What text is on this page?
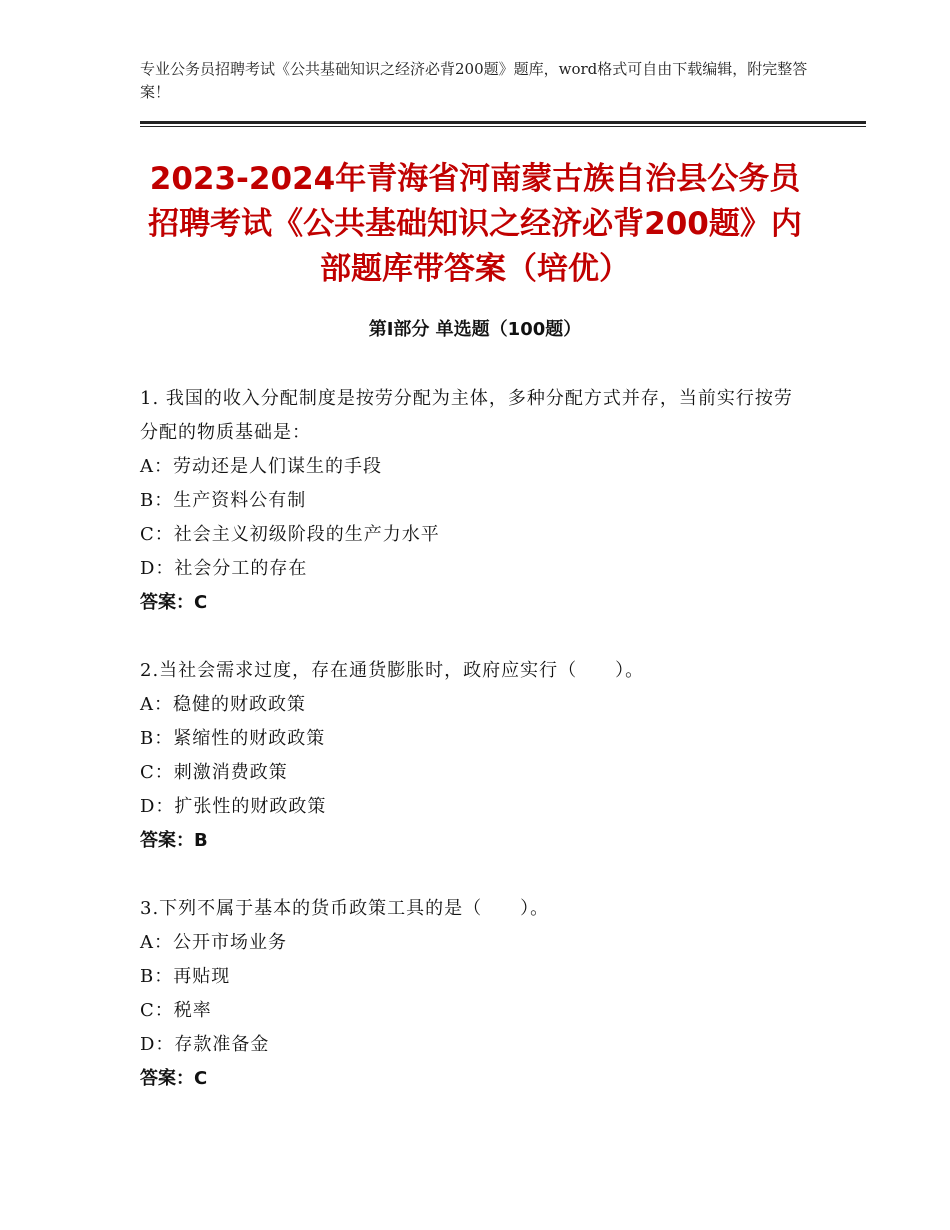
专业公务员招聘考试《公共基础知识之经济必背200题》题库，word格式可自由下载编辑，附完整答案！
2023-2024年青海省河南蒙古族自治县公务员招聘考试《公共基础知识之经济必背200题》内部题库带答案（培优）
第Ⅰ部分 单选题（100题）
1. 我国的收入分配制度是按劳分配为主体，多种分配方式并存，当前实行按劳分配的物质基础是：
A：劳动还是人们谋生的手段
B：生产资料公有制
C：社会主义初级阶段的生产力水平
D：社会分工的存在
答案：C
2.当社会需求过度，存在通货膨胀时，政府应实行（　　）。
A：稳健的财政政策
B：紧缩性的财政政策
C：刺激消费政策
D：扩张性的财政政策
答案：B
3.下列不属于基本的货币政策工具的是（　　）。
A：公开市场业务
B：再贴现
C：税率
D：存款准备金
答案：C
